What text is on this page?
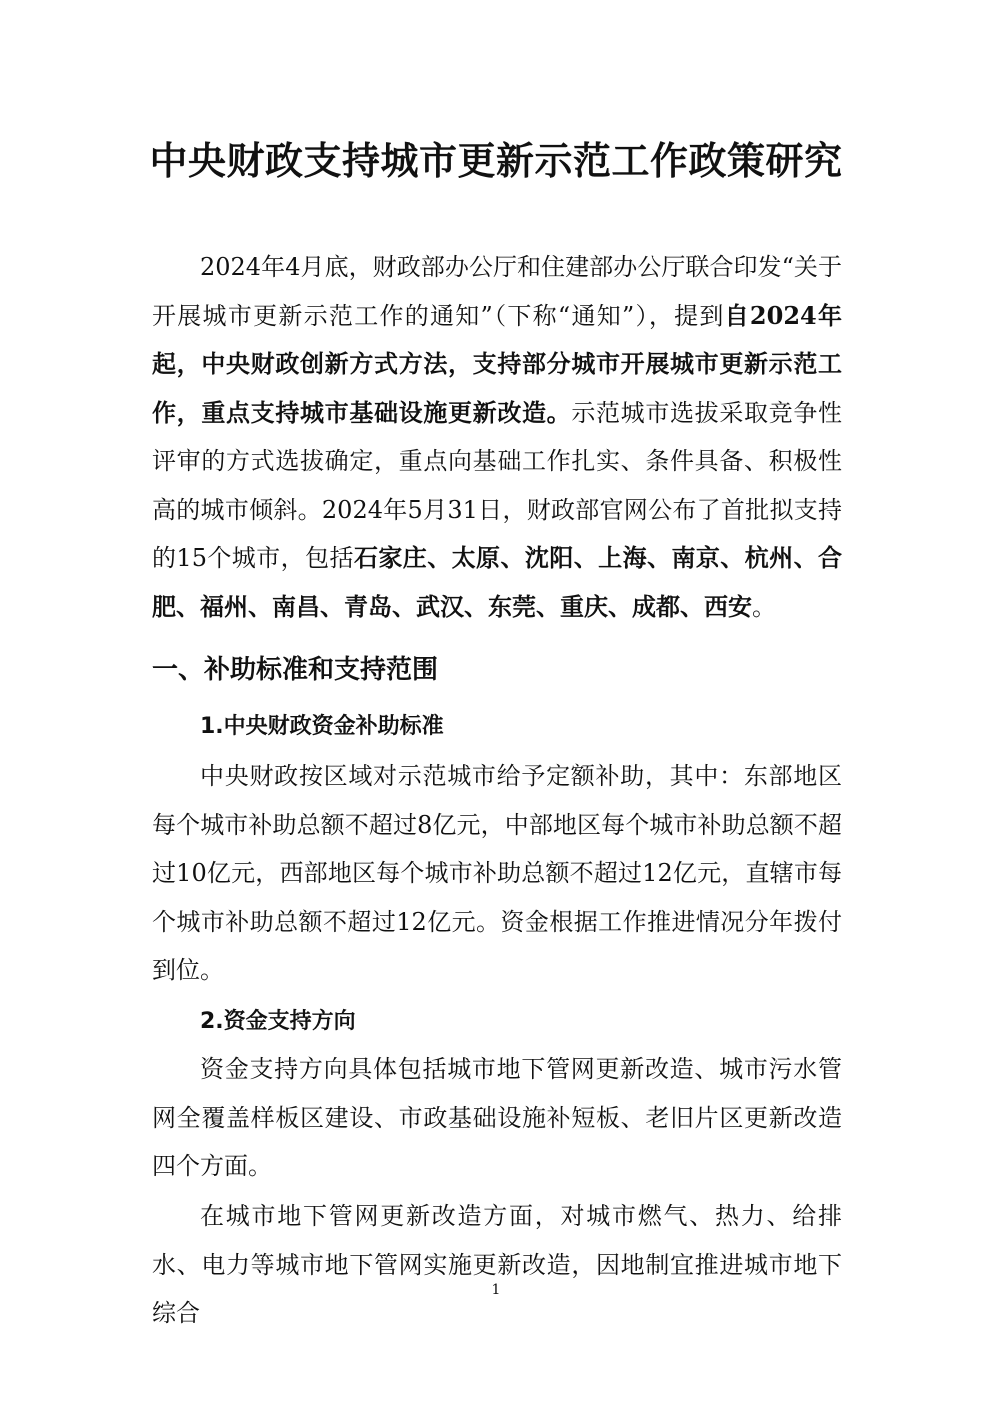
中央财政支持城市更新示范工作政策研究

2024年4月底，财政部办公厅和住建部办公厅联合印发“关于开展城市更新示范工作的通知”（下称“通知”），提到自2024年起，中央财政创新方式方法，支持部分城市开展城市更新示范工作，重点支持城市基础设施更新改造。示范城市选拔采取竞争性评审的方式选拔确定，重点向基础工作扎实、条件具备、积极性高的城市倾斜。2024年5月31日，财政部官网公布了首批拟支持的15个城市，包括石家庄、太原、沈阳、上海、南京、杭州、合肥、福州、南昌、青岛、武汉、东莞、重庆、成都、西安。

一、补助标准和支持范围
1.中央财政资金补助标准

中央财政按区域对示范城市给予定额补助，其中：东部地区每个城市补助总额不超过8亿元，中部地区每个城市补助总额不超过10亿元，西部地区每个城市补助总额不超过12亿元，直辖市每个城市补助总额不超过12亿元。资金根据工作推进情况分年拨付到位。

2.资金支持方向

资金支持方向具体包括城市地下管网更新改造、城市污水管网全覆盖样板区建设、市政基础设施补短板、老旧片区更新改造四个方面。

在城市地下管网更新改造方面，对城市燃气、热力、给排水、电力等城市地下管网实施更新改造，因地制宜推进城市地下综合

1
